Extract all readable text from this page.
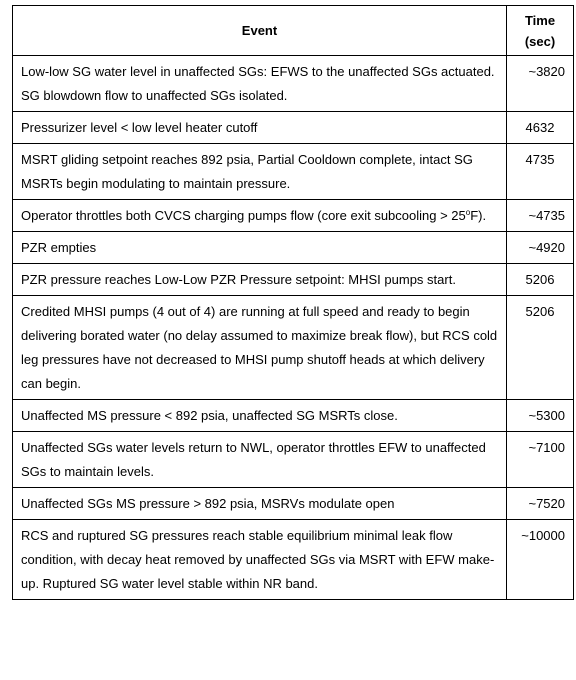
Event	Time
(sec)

Low-low SG water level in unaffected SGs: EFWS to the unaffected SGs actuated. SG blowdown flow to unaffected SGs isolated.	~3820
Pressurizer level < low level heater cutoff	4632
MSRT gliding setpoint reaches 892 psia, Partial Cooldown complete, intact SG MSRTs begin modulating to maintain pressure.	4735
Operator throttles both CVCS charging pumps flow (core exit subcooling > $25^oF$).	~4735
PZR empties	~4920
PZR pressure reaches Low-Low PZR Pressure setpoint: MHSI pumps start.	5206
Credited MHSI pumps (4 out of 4) are running at full speed and ready to begin delivering borated water (no delay assumed to maximize break flow), but RCS cold leg pressures have not decreased to MHSI pump shutoff heads at which delivery can begin.	5206
Unaffected MS pressure < 892 psia, unaffected SG MSRTs close.	~5300
Unaffected SGs water levels return to NWL, operator throttles EFW to unaffected SGs to maintain levels.	~7100
Unaffected SGs MS pressure > 892 psia, MSRVs modulate open	~7520
RCS and ruptured SG pressures reach stable equilibrium minimal leak flow condition, with decay heat removed by unaffected SGs via MSRT with EFW make-up. Ruptured SG water level stable within NR band.	~10000
